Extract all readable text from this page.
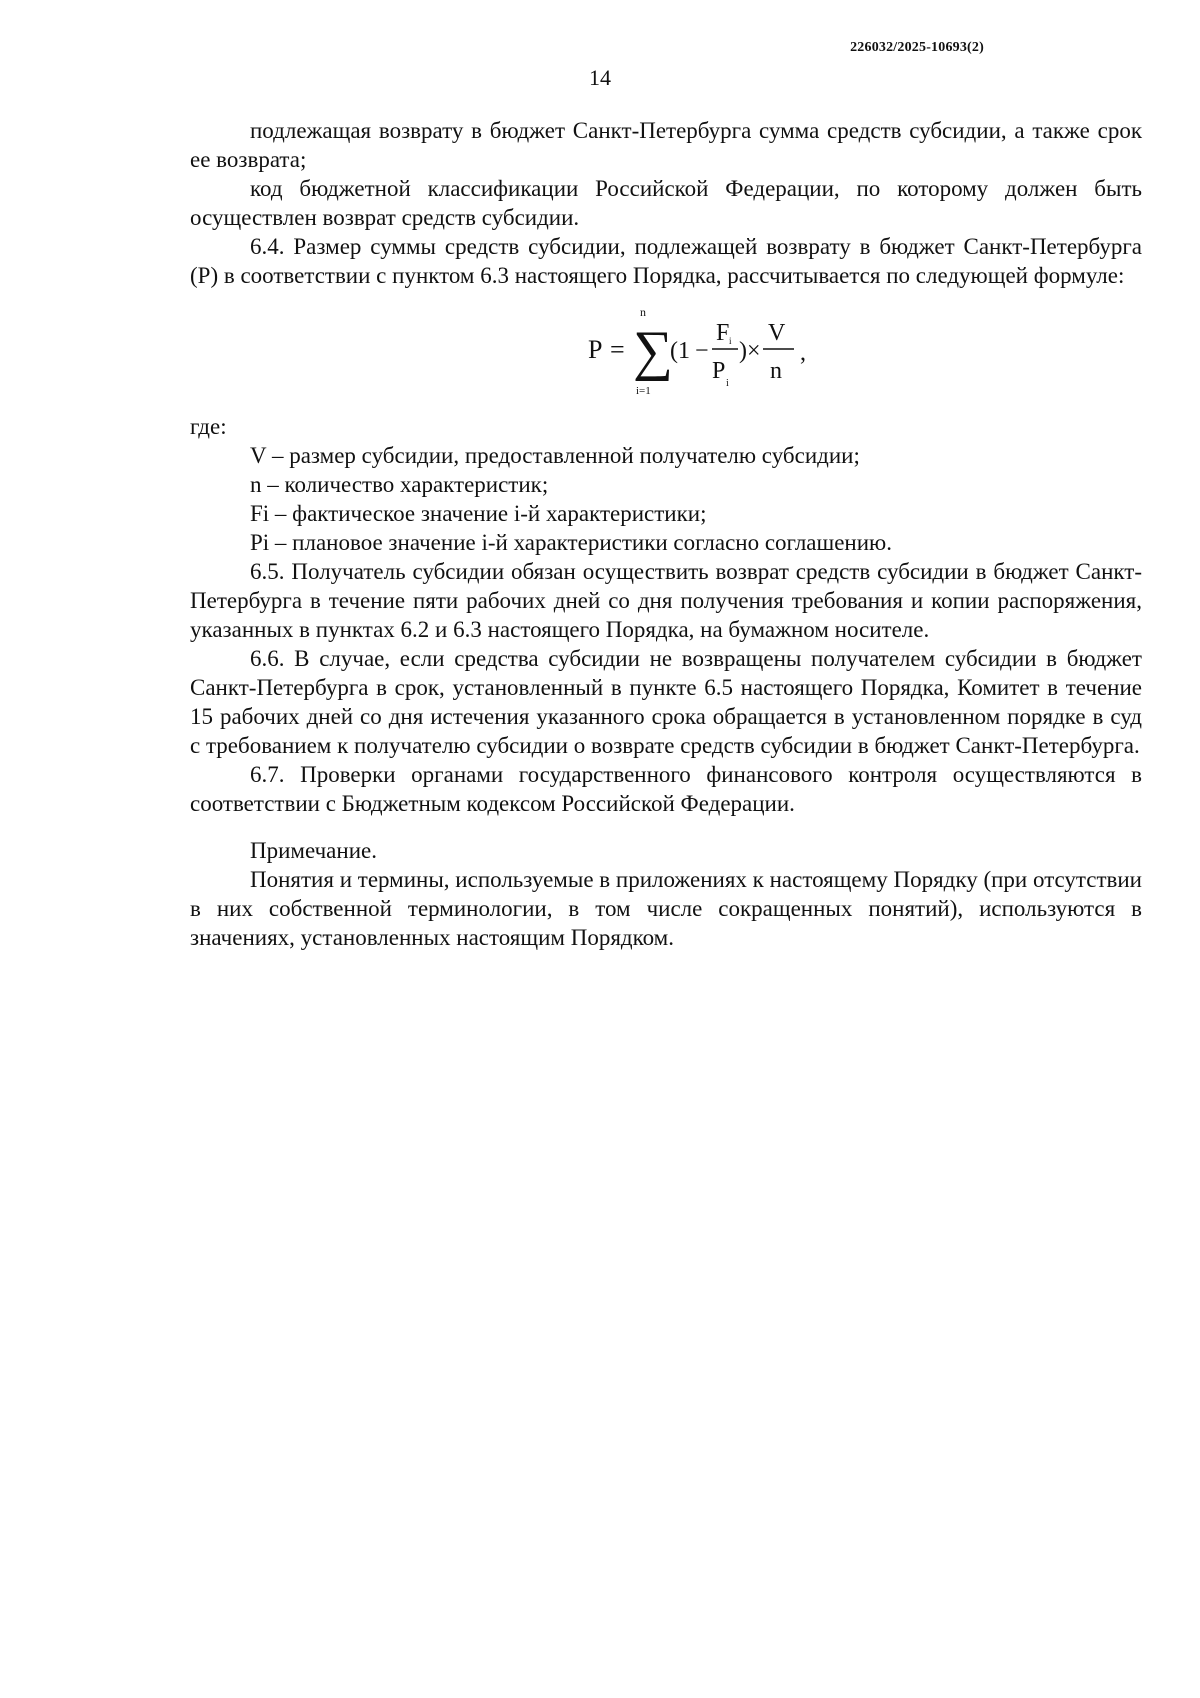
226032/2025-10693(2)
14

подлежащая возврату в бюджет Санкт-Петербурга сумма средств субсидии, а также срок ее возврата;

код бюджетной классификации Российской Федерации, по которому должен быть осуществлен возврат средств субсидии.

6.4. Размер суммы средств субсидии, подлежащей возврату в бюджет Санкт-Петербурга (P) в соответствии с пунктом 6.3 настоящего Порядка, рассчитывается по следующей формуле:

P =
n
∑
i=1
(1 −
F i
P i
)×
V
n
,

где:

V – размер субсидии, предоставленной получателю субсидии;

n – количество характеристик;

Fi – фактическое значение i-й характеристики;

Pi – плановое значение i-й характеристики согласно соглашению.

6.5. Получатель субсидии обязан осуществить возврат средств субсидии в бюджет Санкт-Петербурга в течение пяти рабочих дней со дня получения требования и копии распоряжения, указанных в пунктах 6.2 и 6.3 настоящего Порядка, на бумажном носителе.

6.6. В случае, если средства субсидии не возвращены получателем субсидии в бюджет Санкт-Петербурга в срок, установленный в пункте 6.5 настоящего Порядка, Комитет в течение 15 рабочих дней со дня истечения указанного срока обращается в установленном порядке в суд с требованием к получателю субсидии о возврате средств субсидии в бюджет Санкт-Петербурга.

6.7. Проверки органами государственного финансового контроля осуществляются в соответствии с Бюджетным кодексом Российской Федерации.

Примечание.

Понятия и термины, используемые в приложениях к настоящему Порядку (при отсутствии в них собственной терминологии, в том числе сокращенных понятий), используются в значениях, установленных настоящим Порядком.
